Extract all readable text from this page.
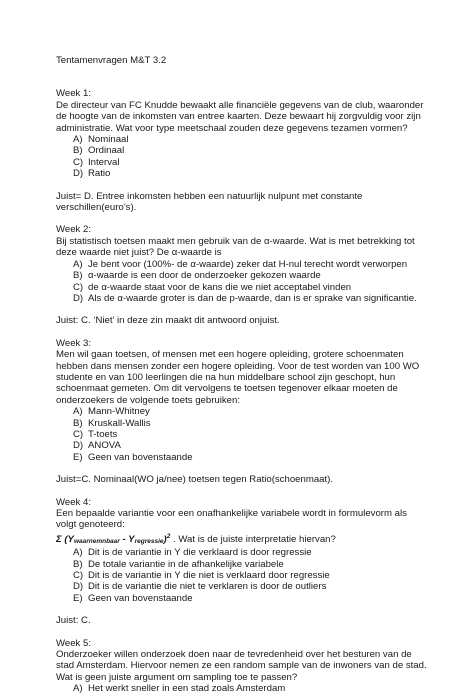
Tentamenvragen M&T 3.2

Week 1:

De directeur van FC Knudde bewaakt alle financiële gegevens van de club, waaronder de hoogte van de inkomsten van entree kaarten. Deze bewaart hij zorgvuldig voor zijn administratie. Wat voor type meetschaal zouden deze gegevens tezamen vormen?

A) Nominaal
B) Ordinaal
C) Interval
D) Ratio

Juist= D. Entree inkomsten hebben een natuurlijk nulpunt met constante verschillen(euro’s).

Week 2:

Bij statistisch toetsen maakt men gebruik van de α-waarde. Wat is met betrekking tot deze waarde niet juist? De α-waarde is

A) Je bent voor (100%- de α-waarde) zeker dat H-nul terecht wordt verworpen
B) α-waarde is een door de onderzoeker gekozen waarde
C) de α-waarde staat voor de kans die we niet acceptabel vinden
D) Als de α-waarde groter is dan de p-waarde, dan is er sprake van significantie.

Juist: C. ‘Niet’ in deze zin maakt dit antwoord onjuist.

Week 3:

Men wil gaan toetsen, of mensen met een hogere opleiding, grotere schoenmaten hebben dans mensen zonder een hogere opleiding. Voor de test worden van 100 WO studente en van 100 leerlingen die na hun middelbare school zijn geschopt, hun schoenmaat gemeten. Om dit vervolgens te toetsen tegenover elkaar moeten de onderzoekers de volgende toets gebruiken:

A) Mann-Whitney
B) Kruskall-Wallis
C) T-toets
D) ANOVA
E) Geen van bovenstaande

Juist=C. Nominaal(WO ja/nee) toetsen tegen Ratio(schoenmaat).

Week 4:

Een bepaalde variantie voor een onafhankelijke variabele wordt in formulevorm als volgt genoteerd:

Σ (Ywaarnemnbaar - Yregressie)$^2$ . Wat is de juiste interpretatie hiervan?

A) Dit is de variantie in Y die verklaard is door regressie
B) De totale variantie in de afhankelijke variabele
C) Dit is de variantie in Y die niet is verklaard door regressie
D) Dit is de variantie die niet te verklaren is door de outliers
E) Geen van bovenstaande

Juist: C.

Week 5:

Onderzoeker willen onderzoek doen naar de tevredenheid over het besturen van de stad Amsterdam. Hiervoor nemen ze een random sample van de inwoners van de stad. Wat is geen juiste argument om sampling toe te passen?

A) Het werkt sneller in een stad zoals Amsterdam
